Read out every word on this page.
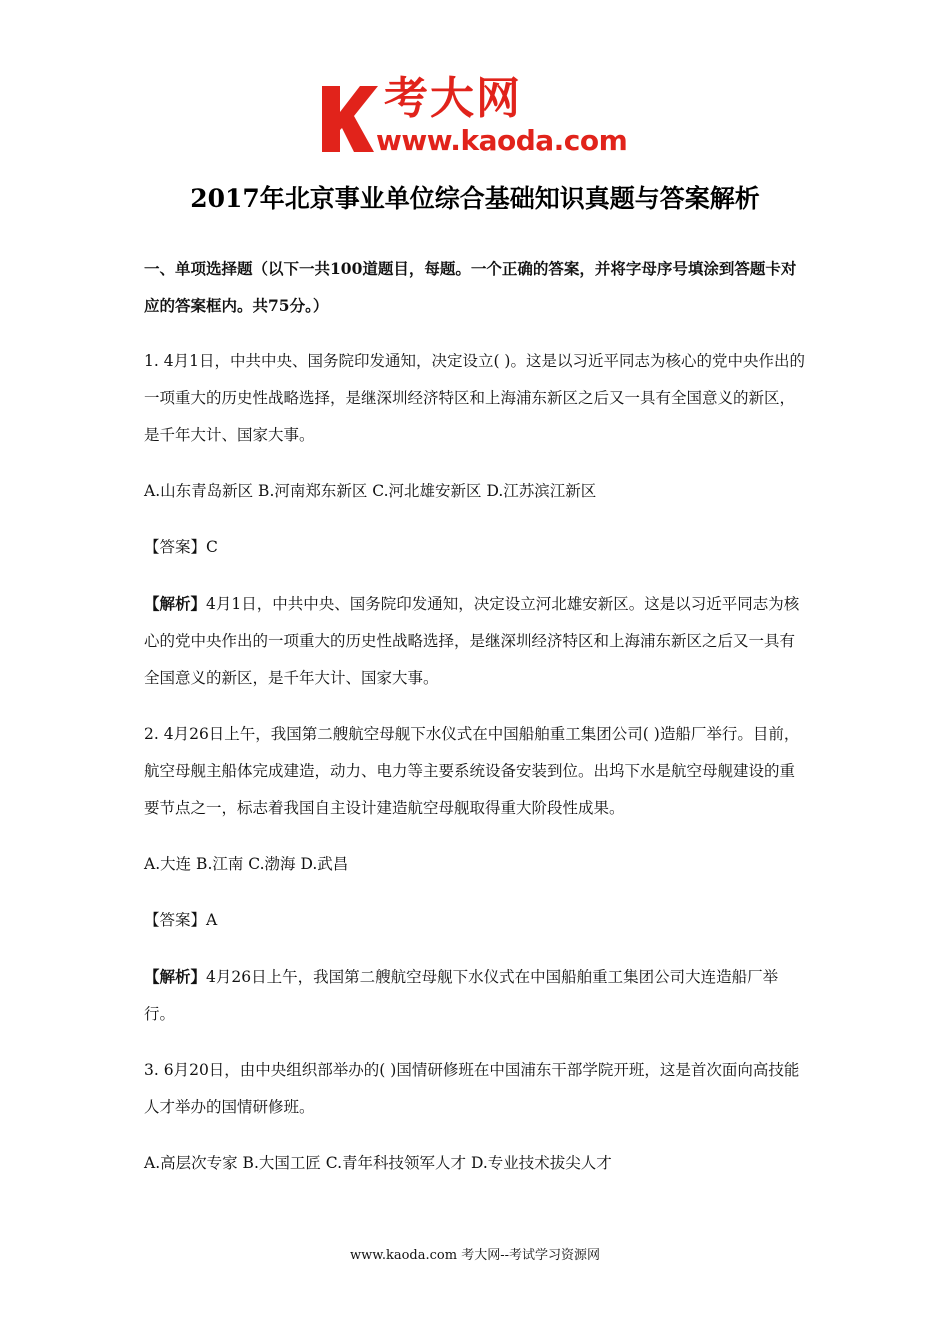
考大网
www.kaoda.com
2017年北京事业单位综合基础知识真题与答案解析

一、单项选择题（以下一共100道题目，每题。一个正确的答案，并将字母序号填涂到答题卡对应的答案框内。共75分。）

1. 4月1日，中共中央、国务院印发通知，决定设立( )。这是以习近平同志为核心的党中央作出的一项重大的历史性战略选择，是继深圳经济特区和上海浦东新区之后又一具有全国意义的新区，是千年大计、国家大事。

A.山东青岛新区 B.河南郑东新区 C.河北雄安新区 D.江苏滨江新区

【答案】C

【解析】4月1日，中共中央、国务院印发通知，决定设立河北雄安新区。这是以习近平同志为核心的党中央作出的一项重大的历史性战略选择，是继深圳经济特区和上海浦东新区之后又一具有全国意义的新区，是千年大计、国家大事。

2. 4月26日上午，我国第二艘航空母舰下水仪式在中国船舶重工集团公司( )造船厂举行。目前，航空母舰主船体完成建造，动力、电力等主要系统设备安装到位。出坞下水是航空母舰建设的重要节点之一，标志着我国自主设计建造航空母舰取得重大阶段性成果。

A.大连 B.江南 C.渤海 D.武昌

【答案】A

【解析】4月26日上午，我国第二艘航空母舰下水仪式在中国船舶重工集团公司大连造船厂举行。

3. 6月20日，由中央组织部举办的( )国情研修班在中国浦东干部学院开班，这是首次面向高技能人才举办的国情研修班。

A.高层次专家 B.大国工匠 C.青年科技领军人才 D.专业技术拔尖人才

www.kaoda.com 考大网--考试学习资源网
